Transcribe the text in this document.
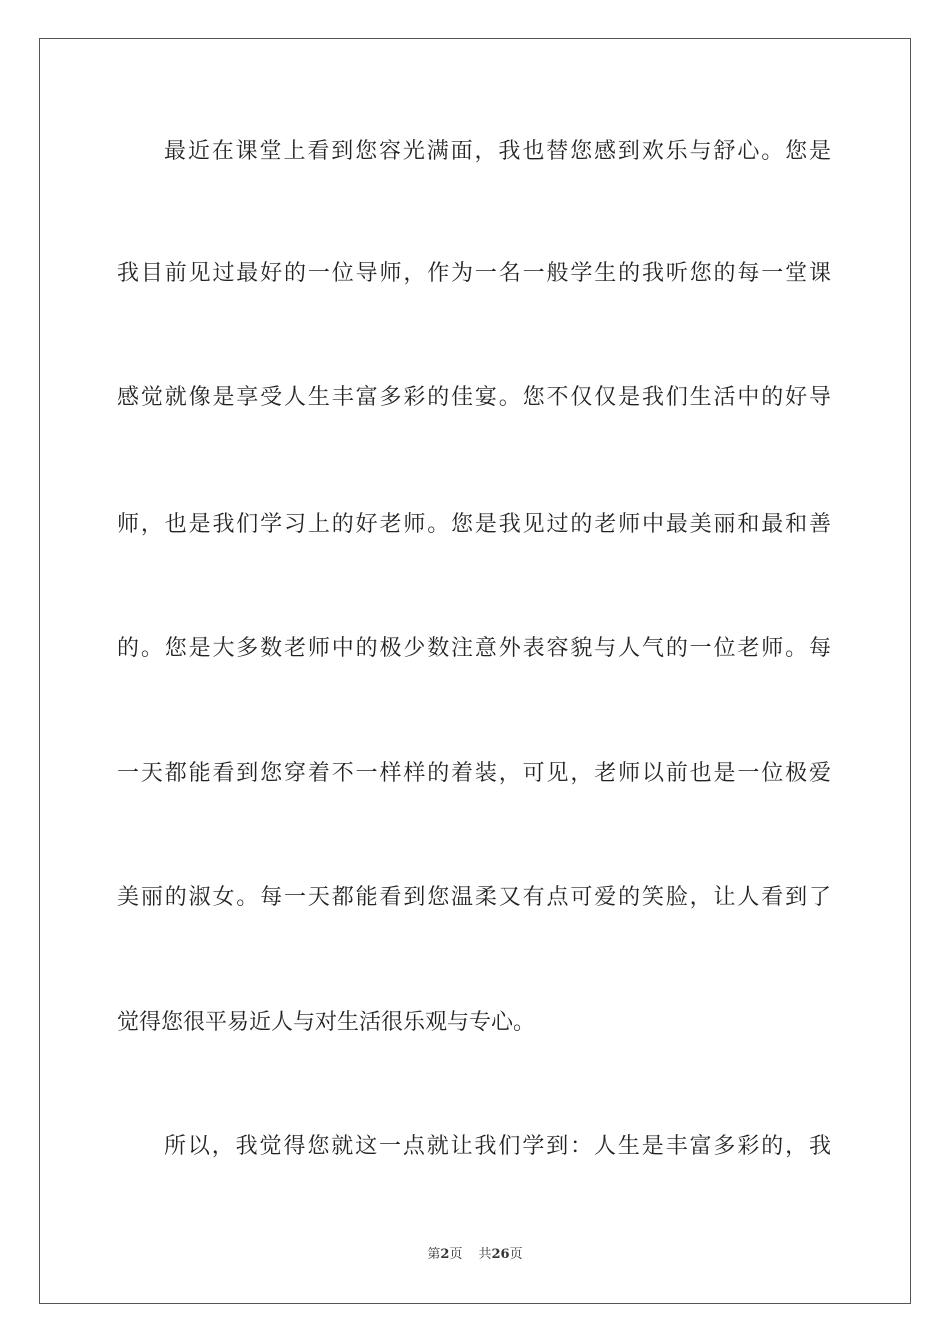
最近在课堂上看到您容光满面，我也替您感到欢乐与舒心。您是
我目前见过最好的一位导师，作为一名一般学生的我听您的每一堂课
感觉就像是享受人生丰富多彩的佳宴。您不仅仅是我们生活中的好导
师，也是我们学习上的好老师。您是我见过的老师中最美丽和最和善
的。您是大多数老师中的极少数注意外表容貌与人气的一位老师。每
一天都能看到您穿着不一样样的着装，可见，老师以前也是一位极爱
美丽的淑女。每一天都能看到您温柔又有点可爱的笑脸，让人看到了
觉得您很平易近人与对生活很乐观与专心。
所以，我觉得您就这一点就让我们学到：人生是丰富多彩的，我
第2页 共26页
